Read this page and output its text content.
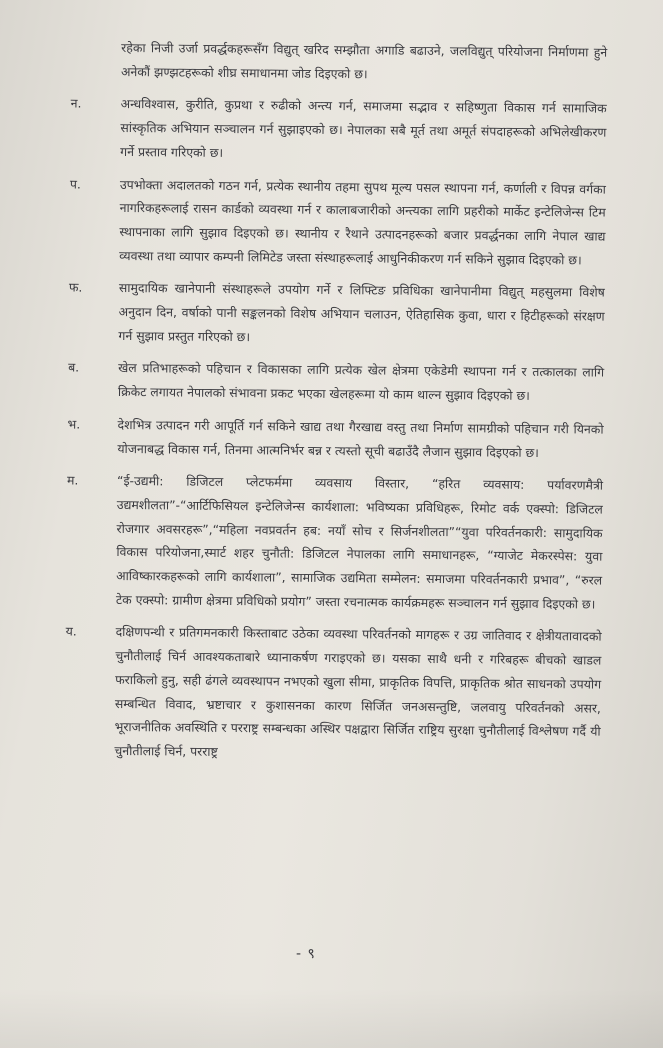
रहेका निजी उर्जा प्रवर्द्धकहरूसँग विद्युत् खरिद सम्झौता अगाडि बढाउने, जलविद्युत् परियोजना निर्माणमा हुने अनेकौं झण्झटहरूको शीघ्र समाधानमा जोड दिइएको छ।
न.	अन्धविश्वास, कुरीति, कुप्रथा र रुढीको अन्त्य गर्न, समाजमा सद्भाव र सहिष्णुता विकास गर्न सामाजिक सांस्कृतिक अभियान सञ्चालन गर्न सुझाइएको छ। नेपालका सबै मूर्त तथा अमूर्त संपदाहरूको अभिलेखीकरण गर्ने प्रस्ताव गरिएको छ।
प.	उपभोक्ता अदालतको गठन गर्न, प्रत्येक स्थानीय तहमा सुपथ मूल्य पसल स्थापना गर्न, कर्णाली र विपन्न वर्गका नागरिकहरूलाई रासन कार्डको व्यवस्था गर्न र कालाबजारीको अन्त्यका लागि प्रहरीको मार्केट इन्टेलिजेन्स टिम स्थापनाका लागि सुझाव दिइएको छ। स्थानीय र रैथाने उत्पादनहरूको बजार प्रवर्द्धनका लागि नेपाल खाद्य व्यवस्था तथा व्यापार कम्पनी लिमिटेड जस्ता संस्थाहरूलाई आधुनिकीकरण गर्न सकिने सुझाव दिइएको छ।
फ.	सामुदायिक खानेपानी संस्थाहरूले उपयोग गर्ने र लिफ्टिङ प्रविधिका खानेपानीमा विद्युत् महसुलमा विशेष अनुदान दिन, वर्षाको पानी सङ्कलनको विशेष अभियान चलाउन, ऐतिहासिक कुवा, धारा र हिटीहरूको संरक्षण गर्न सुझाव प्रस्तुत गरिएको छ।
ब.	खेल प्रतिभाहरूको पहिचान र विकासका लागि प्रत्येक खेल क्षेत्रमा एकेडेमी स्थापना गर्न र तत्कालका लागि क्रिकेट लगायत नेपालको संभावना प्रकट भएका खेलहरूमा यो काम थाल्न सुझाव दिइएको छ।
भ.	देशभित्र उत्पादन गरी आपूर्ति गर्न सकिने खाद्य तथा गैरखाद्य वस्तु तथा निर्माण सामग्रीको पहिचान गरी यिनको योजनाबद्ध विकास गर्न, तिनमा आत्मनिर्भर बन्न र त्यस्तो सूची बढाउँदै लैजान सुझाव दिइएको छ।
म.	“ई-उद्यमी: डिजिटल प्लेटफर्ममा व्यवसाय विस्तार, “हरित व्यवसाय: पर्यावरणमैत्री उद्यमशीलता”-“आर्टिफिसियल इन्टेलिजेन्स कार्यशाला: भविष्यका प्रविधिहरू, रिमोट वर्क एक्स्पो: डिजिटल रोजगार अवसरहरू”,“महिला नवप्रवर्तन हब: नयाँ सोच र सिर्जनशीलता”“युवा परिवर्तनकारी: सामुदायिक विकास परियोजना,स्मार्ट शहर चुनौती: डिजिटल नेपालका लागि समाधानहरू, “ग्याजेट मेकरस्पेस: युवा आविष्कारकहरूको लागि कार्यशाला”, सामाजिक उद्यमिता सम्मेलन: समाजमा परिवर्तनकारी प्रभाव”, “रुरल टेक एक्स्पो: ग्रामीण क्षेत्रमा प्रविधिको प्रयोग” जस्ता रचनात्मक कार्यक्रमहरू सञ्चालन गर्न सुझाव दिइएको छ।
य.	दक्षिणपन्थी र प्रतिगमनकारी किस्ताबाट उठेका व्यवस्था परिवर्तनको मागहरू र उग्र जातिवाद र क्षेत्रीयतावादको चुनौतीलाई चिर्न आवश्यकताबारे ध्यानाकर्षण गराइएको छ। यसका साथै धनी र गरिबहरू बीचको खाडल फराकिलो हुनु, सही ढंगले व्यवस्थापन नभएको खुला सीमा, प्राकृतिक विपत्ति, प्राकृतिक श्रोत साधनको उपयोग सम्बन्धित विवाद, भ्रष्टाचार र कुशासनका कारण सिर्जित जनअसन्तुष्टि, जलवायु परिवर्तनको असर, भूराजनीतिक अवस्थिति र परराष्ट्र सम्बन्धका अस्थिर पक्षद्वारा सिर्जित राष्ट्रिय सुरक्षा चुनौतीलाई विश्लेषण गर्दै यी चुनौतीलाई चिर्न, परराष्ट्र
- ९
